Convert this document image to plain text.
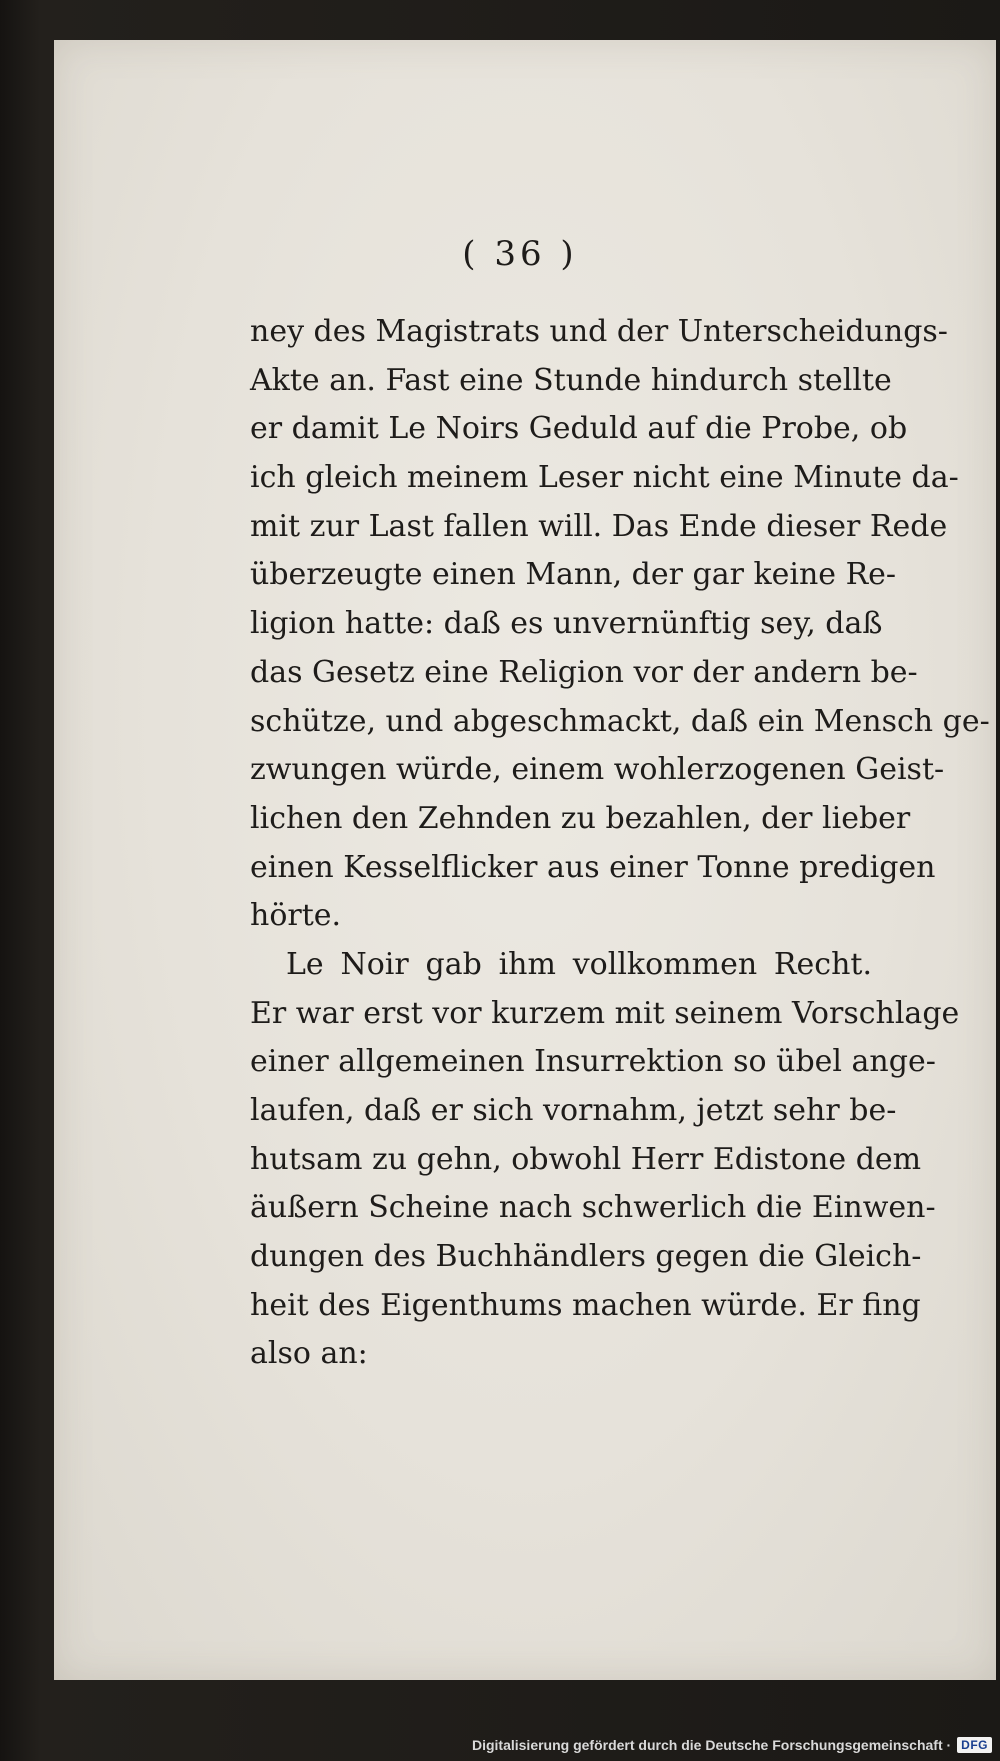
( 36 )
ney des Magistrats und der Unterscheidungs-
Akte an. Fast eine Stunde hindurch stellte
er damit Le Noirs Geduld auf die Probe, ob
ich gleich meinem Leser nicht eine Minute da-
mit zur Last fallen will. Das Ende dieser Rede
überzeugte einen Mann, der gar keine Re-
ligion hatte: daß es unvernünftig sey, daß
das Gesetz eine Religion vor der andern be-
schütze, und abgeschmackt, daß ein Mensch ge-
zwungen würde, einem wohlerzogenen Geist-
lichen den Zehnden zu bezahlen, der lieber
einen Kesselflicker aus einer Tonne predigen
hörte.
Le Noir gab ihm vollkommen Recht.
Er war erst vor kurzem mit seinem Vorschlage
einer allgemeinen Insurrektion so übel ange-
laufen, daß er sich vornahm, jetzt sehr be-
hutsam zu gehn, obwohl Herr Edistone dem
äußern Scheine nach schwerlich die Einwen-
dungen des Buchhändlers gegen die Gleich-
heit des Eigenthums machen würde. Er fing
also an:
Digitalisierung gefördert durch die Deutsche Forschungsgemeinschaft · DFG
